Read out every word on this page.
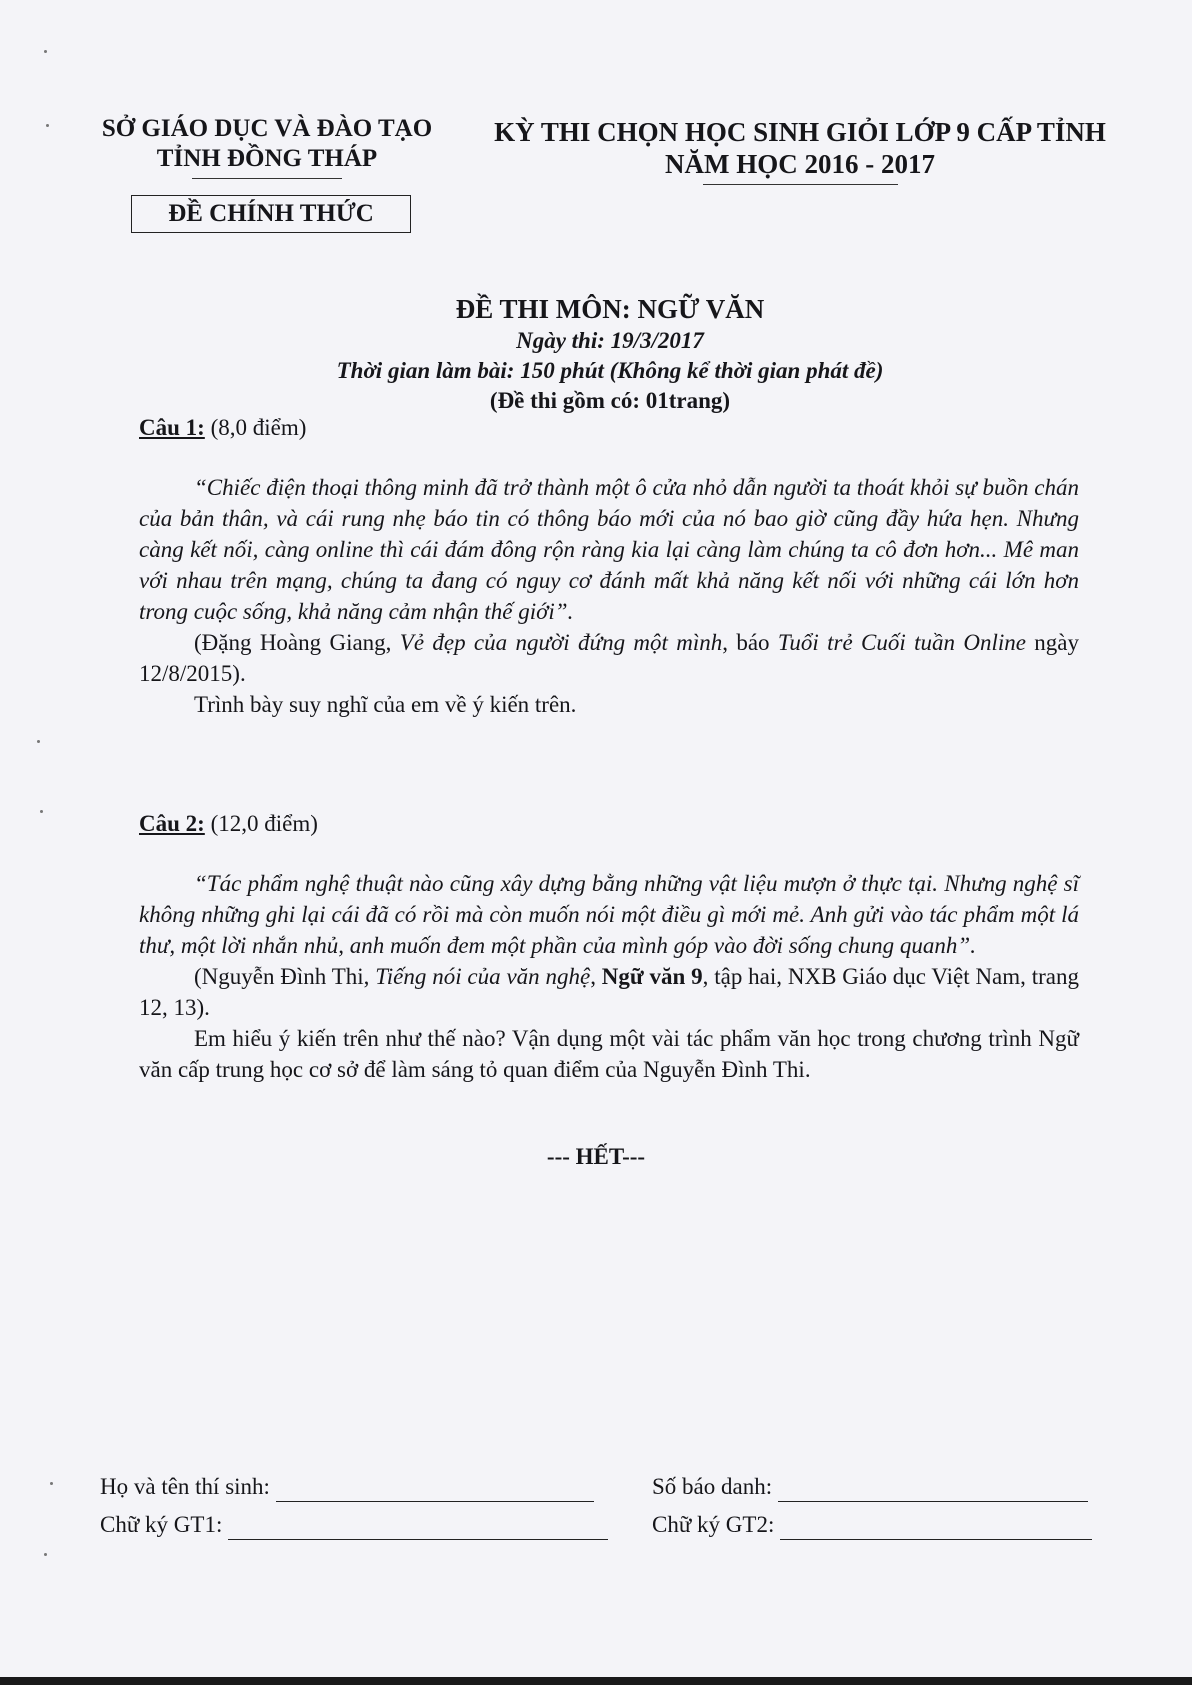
SỞ GIÁO DỤC VÀ ĐÀO TẠO
TỈNH ĐỒNG THÁP
KỲ THI CHỌN HỌC SINH GIỎI LỚP 9 CẤP TỈNH
NĂM HỌC 2016 - 2017
ĐỀ CHÍNH THỨC
ĐỀ THI MÔN: NGỮ VĂN
Ngày thi: 19/3/2017
Thời gian làm bài: 150 phút (Không kể thời gian phát đề)
(Đề thi gồm có: 01trang)

Câu 1: (8,0 điểm)

“Chiếc điện thoại thông minh đã trở thành một ô cửa nhỏ dẫn người ta thoát khỏi sự buồn chán của bản thân, và cái rung nhẹ báo tin có thông báo mới của nó bao giờ cũng đầy hứa hẹn. Nhưng càng kết nối, càng online thì cái đám đông rộn ràng kia lại càng làm chúng ta cô đơn hơn... Mê man với nhau trên mạng, chúng ta đang có nguy cơ đánh mất khả năng kết nối với những cái lớn hơn trong cuộc sống, khả năng cảm nhận thế giới”.

(Đặng Hoàng Giang, Vẻ đẹp của người đứng một mình, báo Tuổi trẻ Cuối tuần Online ngày 12/8/2015).

Trình bày suy nghĩ của em về ý kiến trên.

Câu 2: (12,0 điểm)

“Tác phẩm nghệ thuật nào cũng xây dựng bằng những vật liệu mượn ở thực tại. Nhưng nghệ sĩ không những ghi lại cái đã có rồi mà còn muốn nói một điều gì mới mẻ. Anh gửi vào tác phẩm một lá thư, một lời nhắn nhủ, anh muốn đem một phần của mình góp vào đời sống chung quanh”.

(Nguyễn Đình Thi, Tiếng nói của văn nghệ, Ngữ văn 9, tập hai, NXB Giáo dục Việt Nam, trang 12, 13).

Em hiểu ý kiến trên như thế nào? Vận dụng một vài tác phẩm văn học trong chương trình Ngữ văn cấp trung học cơ sở để làm sáng tỏ quan điểm của Nguyễn Đình Thi.

--- HẾT---
Họ và tên thí sinh:	Số báo danh:
Chữ ký GT1:	Chữ ký GT2:
